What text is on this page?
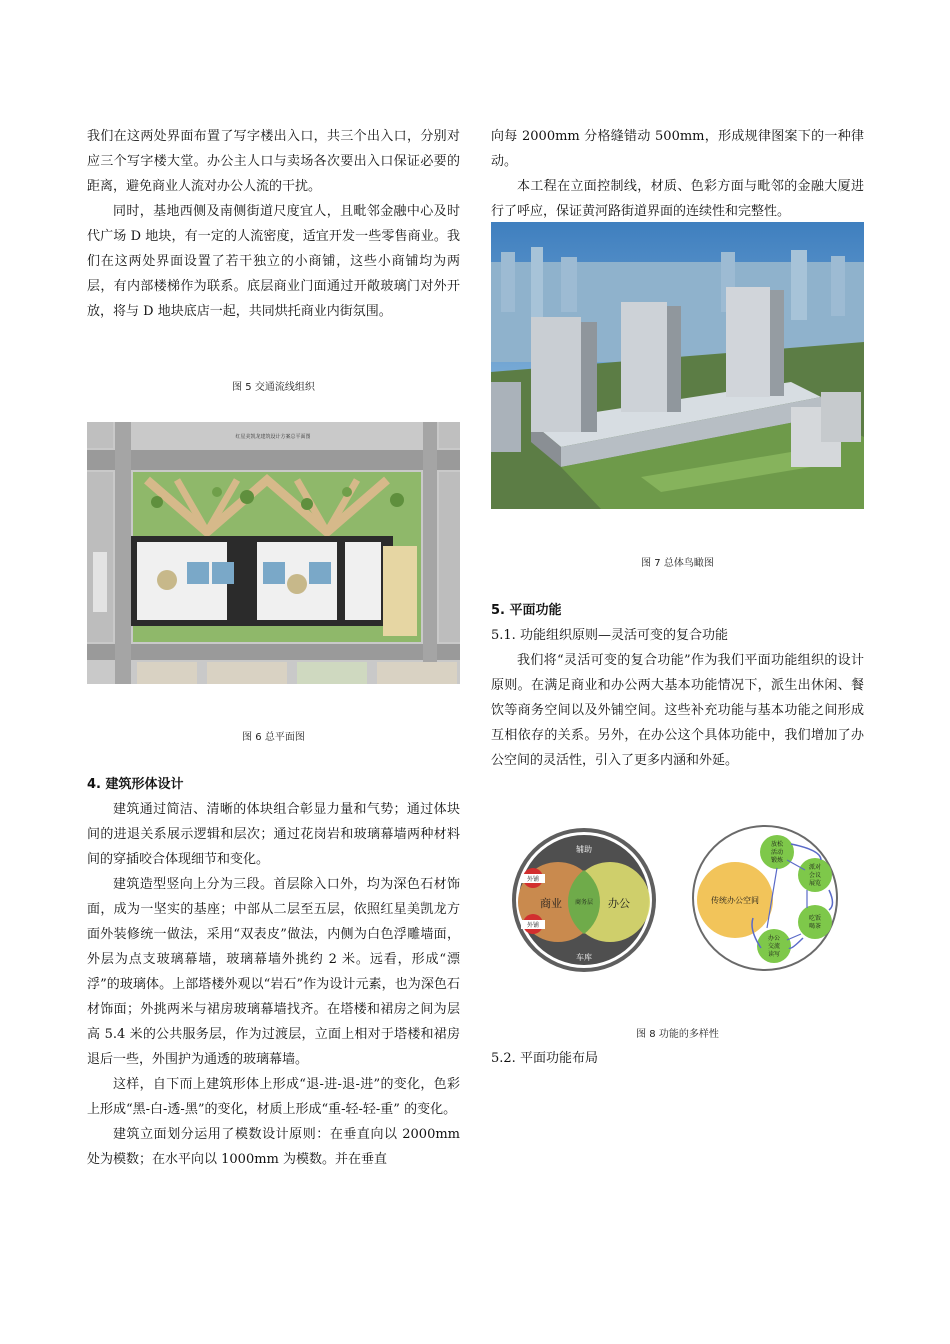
我们在这两处界面布置了写字楼出入口，共三个出入口，分别对应三个写字楼大堂。办公主人口与卖场各次要出入口保证必要的距离，避免商业人流对办公人流的干扰。

同时，基地西侧及南侧街道尺度宜人，且毗邻金融中心及时代广场 D 地块，有一定的人流密度，适宜开发一些零售商业。我们在这两处界面设置了若干独立的小商铺，这些小商铺均为两层，有内部楼梯作为联系。底层商业门面通过开敞玻璃门对外开放，将与 D 地块底店一起，共同烘托商业内街氛围。

图 5 交通流线组织
红星美凯龙建筑设计方案总平面图
图 6 总平面图

4. 建筑形体设计

建筑通过简洁、清晰的体块组合彰显力量和气势；通过体块间的进退关系展示逻辑和层次；通过花岗岩和玻璃幕墙两种材料间的穿插咬合体现细节和变化。

建筑造型竖向上分为三段。首层除入口外，均为深色石材饰面，成为一坚实的基座；中部从二层至五层，依照红星美凯龙方面外装修统一做法，采用“双表皮”做法，内侧为白色浮雕墙面，外层为点支玻璃幕墙，玻璃幕墙外挑约 2 米。远看，形成“漂浮”的玻璃体。上部塔楼外观以“岩石”作为设计元素，也为深色石材饰面；外挑两米与裙房玻璃幕墙找齐。在塔楼和裙房之间为层高 5.4 米的公共服务层，作为过渡层，立面上相对于塔楼和裙房退后一些，外围护为通透的玻璃幕墙。

这样，自下而上建筑形体上形成“退-进-退-进”的变化，色彩上形成“黑-白-透-黑”的变化，材质上形成“重-轻-轻-重” 的变化。

建筑立面划分运用了模数设计原则：在垂直向以 2000mm 处为模数；在水平向以 1000mm 为模数。并在垂直

向每 2000mm 分格缝错动 500mm，形成规律图案下的一种律动。

本工程在立面控制线，材质、色彩方面与毗邻的金融大厦进行了呼应，保证黄河路街道界面的连续性和完整性。

图 7 总体鸟瞰图

5. 平面功能

5.1. 功能组织原则—灵活可变的复合功能

我们将“灵活可变的复合功能”作为我们平面功能组织的设计原则。在满足商业和办公两大基本功能情况下，派生出休闲、餐饮等商务空间以及外铺空间。这些补充功能与基本功能之间形成互相依存的关系。另外，在办公这个具体功能中，我们增加了办公空间的灵活性，引入了更多内涵和外延。

辅助
车库
商业	办公
商务层
外铺
外铺
传统办公空间
放松
活动
锻炼
派对
会议
展览
吃饭
喝茶
办公
交流
读写
图 8 功能的多样性

5.2. 平面功能布局
